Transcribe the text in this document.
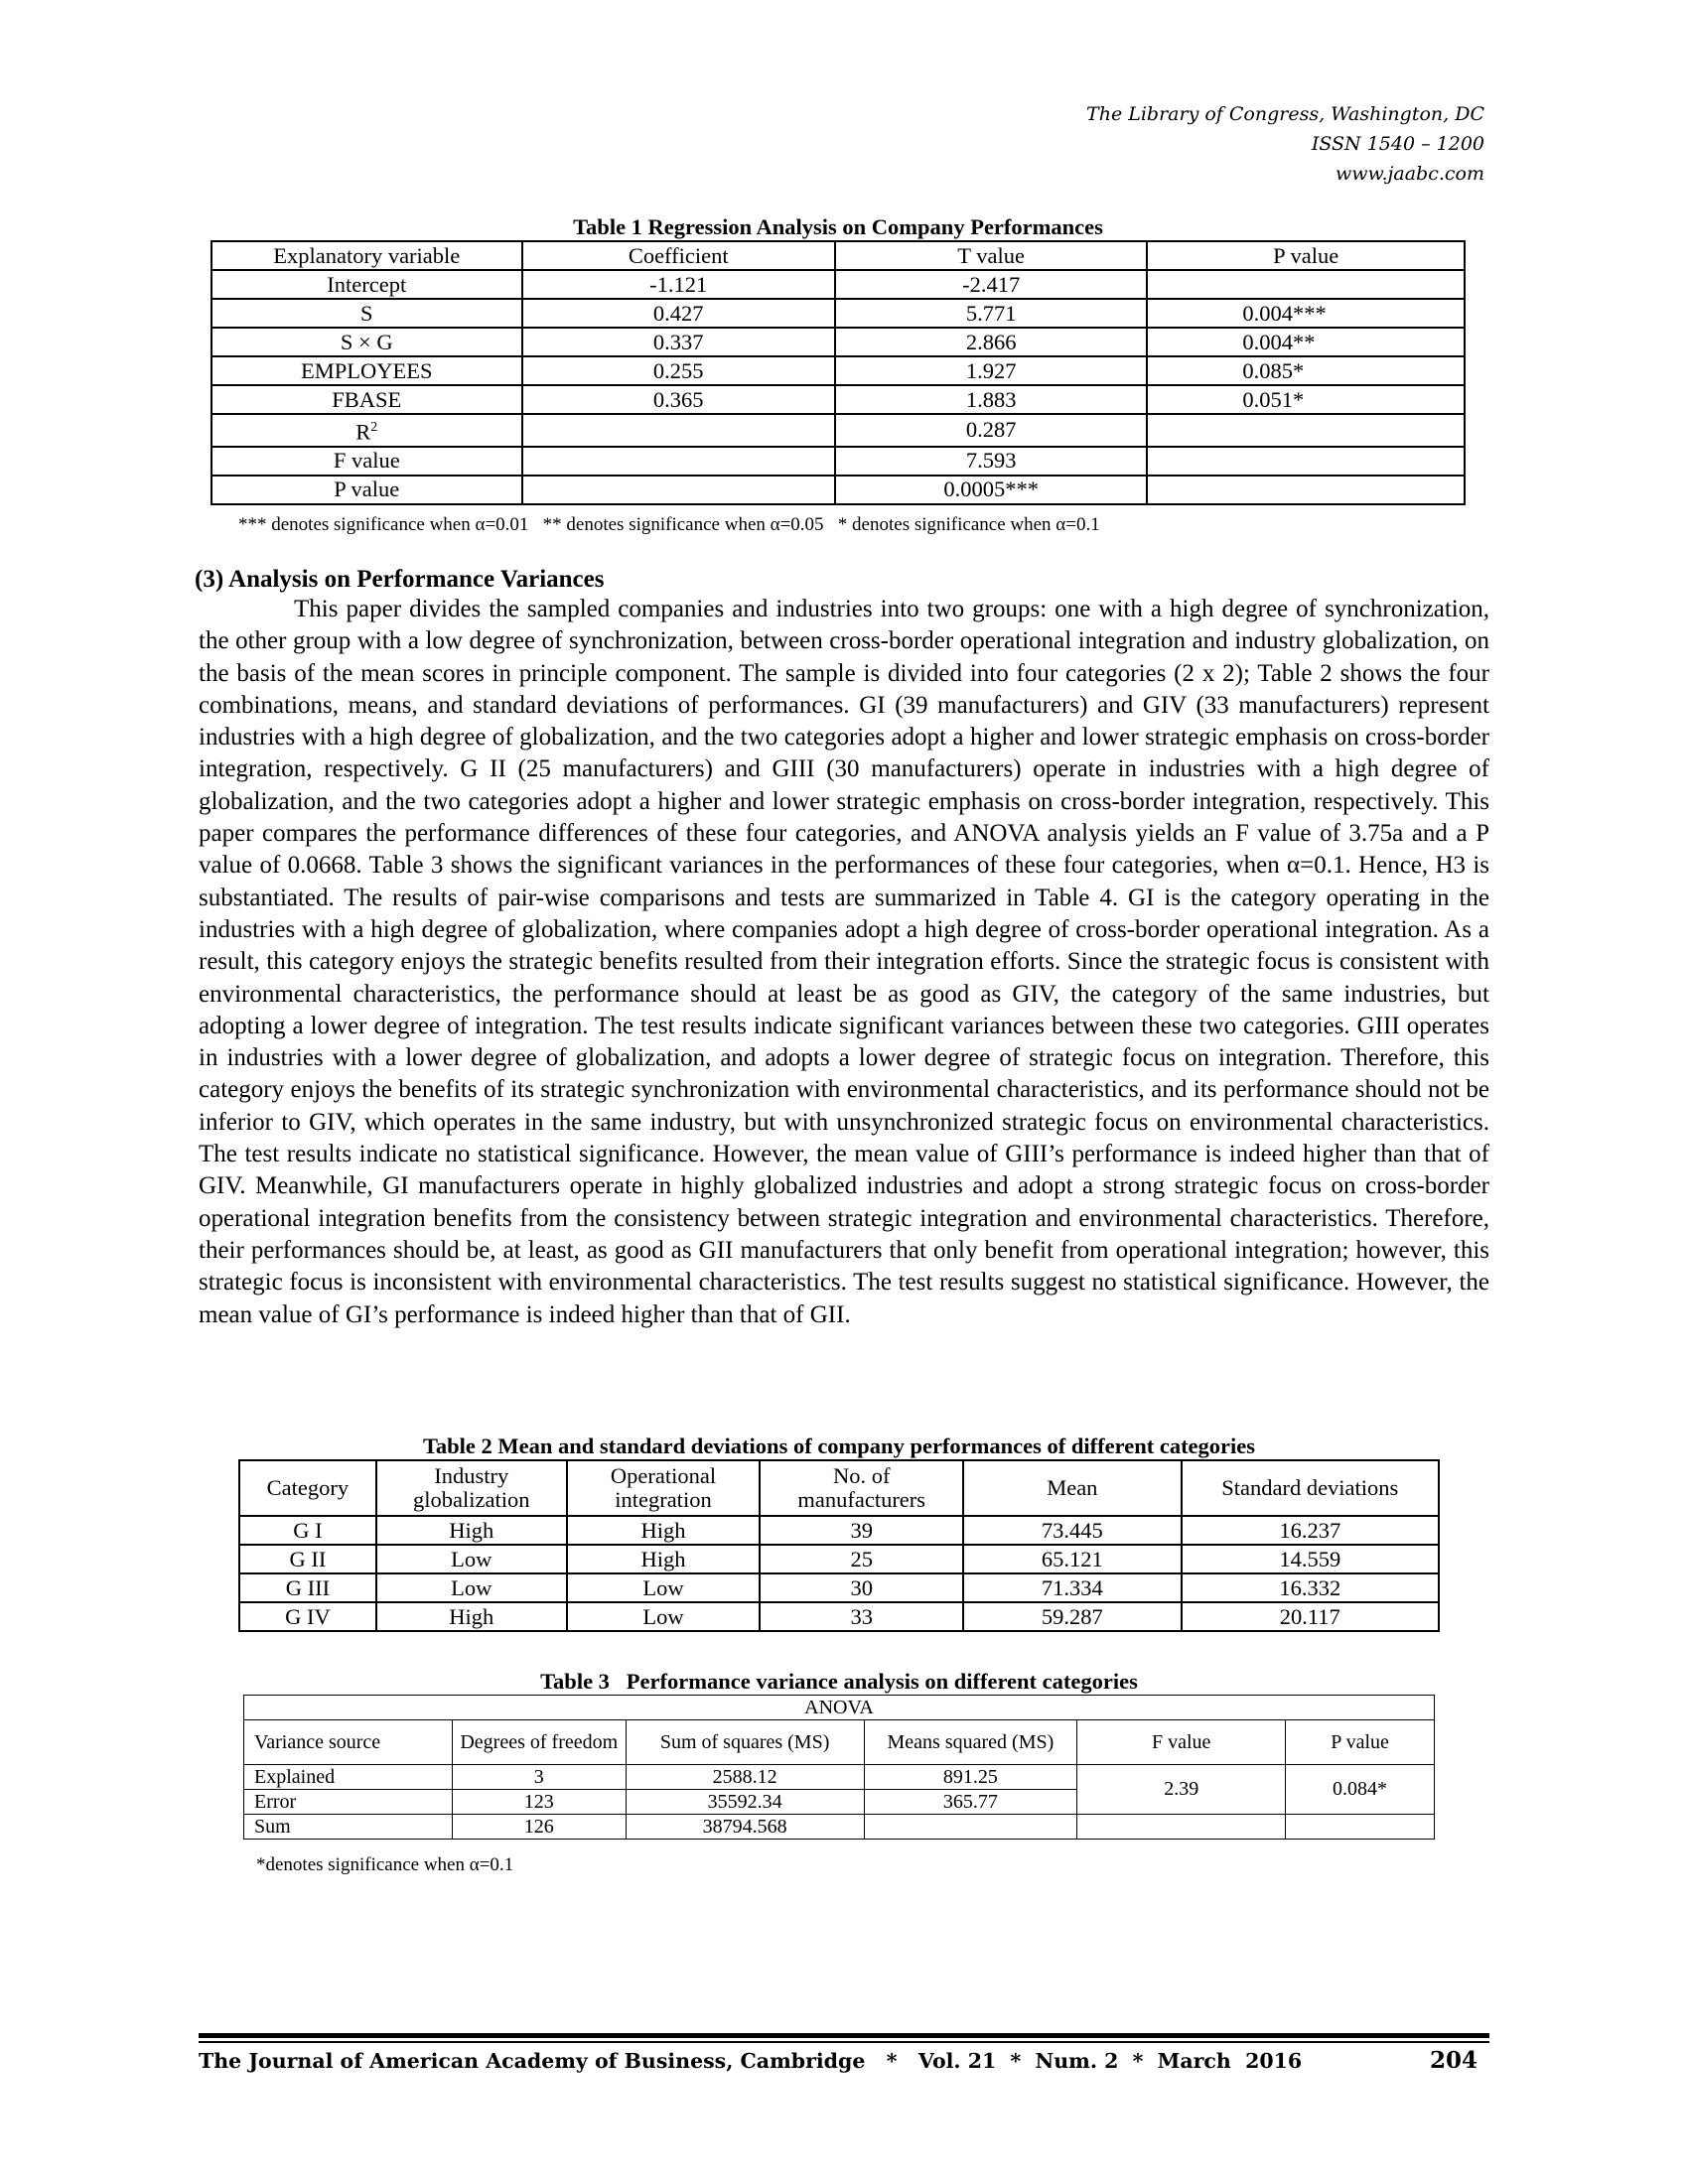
The Library of Congress, Washington, DC
ISSN 1540 – 1200
www.jaabc.com
Table 1 Regression Analysis on Company Performances
Explanatory variable	Coefficient	T value	P value
Intercept	-1.121	-2.417	
S	0.427	5.771	0.004***
S × G	0.337	2.866	0.004**
EMPLOYEES	0.255	1.927	0.085*
FBASE	0.365	1.883	0.051*
$R^2$		0.287	
F value		7.593	
P value		0.0005***	
*** denotes significance when α=0.01   ** denotes significance when α=0.05   * denotes significance when α=0.1
(3) Analysis on Performance Variances

This paper divides the sampled companies and industries into two groups: one with a high degree of synchronization, the other group with a low degree of synchronization, between cross-border operational integration and industry globalization, on the basis of the mean scores in principle component. The sample is divided into four categories (2 x 2); Table 2 shows the four combinations, means, and standard deviations of performances. GI (39 manufacturers) and GIV (33 manufacturers) represent industries with a high degree of globalization, and the two categories adopt a higher and lower strategic emphasis on cross-border integration, respectively. G II (25 manufacturers) and GIII (30 manufacturers) operate in industries with a high degree of globalization, and the two categories adopt a higher and lower strategic emphasis on cross-border integration, respectively. This paper compares the performance differences of these four categories, and ANOVA analysis yields an F value of 3.75a and a P value of 0.0668. Table 3 shows the significant variances in the performances of these four categories, when α=0.1. Hence, H3 is substantiated. The results of pair-wise comparisons and tests are summarized in Table 4. GI is the category operating in the industries with a high degree of globalization, where companies adopt a high degree of cross-border operational integration. As a result, this category enjoys the strategic benefits resulted from their integration efforts. Since the strategic focus is consistent with environmental characteristics, the performance should at least be as good as GIV, the category of the same industries, but adopting a lower degree of integration. The test results indicate significant variances between these two categories. GIII operates in industries with a lower degree of globalization, and adopts a lower degree of strategic focus on integration. Therefore, this category enjoys the benefits of its strategic synchronization with environmental characteristics, and its performance should not be inferior to GIV, which operates in the same industry, but with unsynchronized strategic focus on environmental characteristics. The test results indicate no statistical significance. However, the mean value of GIII’s performance is indeed higher than that of GIV. Meanwhile, GI manufacturers operate in highly globalized industries and adopt a strong strategic focus on cross-border operational integration benefits from the consistency between strategic integration and environmental characteristics. Therefore, their performances should be, at least, as good as GII manufacturers that only benefit from operational integration; however, this strategic focus is inconsistent with environmental characteristics. The test results suggest no statistical significance. However, the mean value of GI’s performance is indeed higher than that of GII.

Table 2 Mean and standard deviations of company performances of different categories
Category	Industry globalization	Operational integration	No. of manufacturers	Mean	Standard deviations
G I	High	High	39	73.445	16.237
G II	Low	High	25	65.121	14.559
G III	Low	Low	30	71.334	16.332
G IV	High	Low	33	59.287	20.117
Table 3   Performance variance analysis on different categories
ANOVA					
Variance source	Degrees of freedom	Sum of squares (MS)	Means squared (MS)	F value	P value
Explained	3	2588.12	891.25	2.39	0.084*
Error	123	35592.34	365.77		
Sum	126	38794.568			
*denotes significance when α=0.1
The Journal of American Academy of Business, Cambridge   *   Vol. 21  *  Num. 2  *  March  2016	204
